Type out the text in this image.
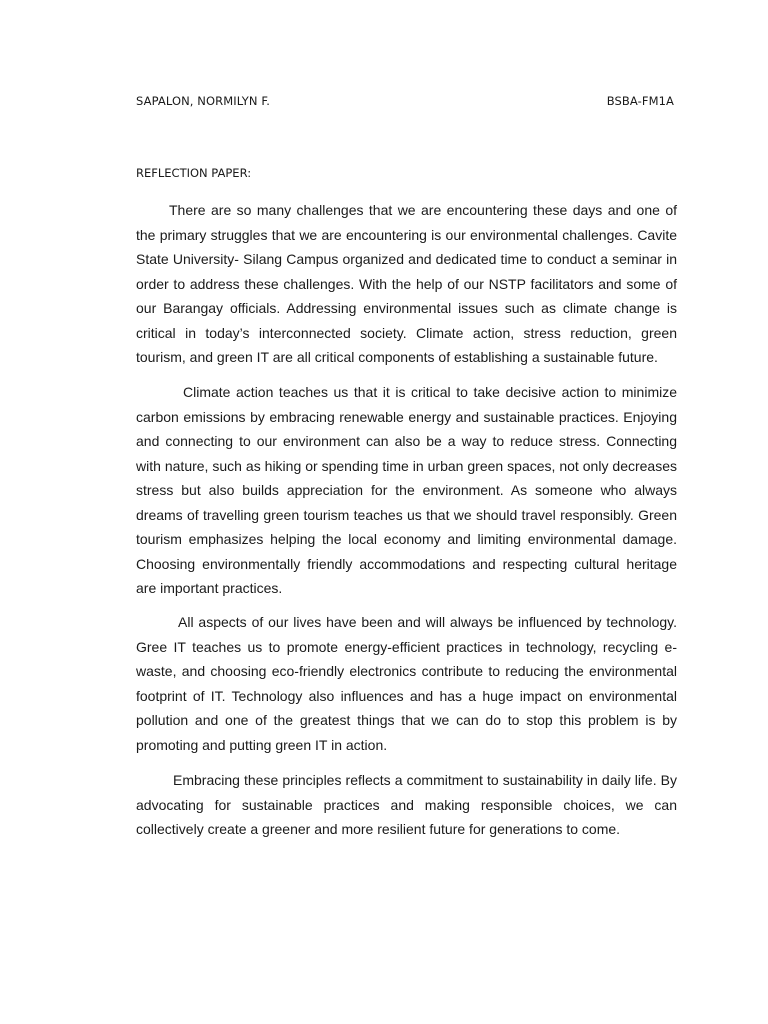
SAPALON, NORMILYN F.	BSBA-FM1A
REFLECTION PAPER:

There are so many challenges that we are encountering these days and one of the primary struggles that we are encountering is our environmental challenges. Cavite State University- Silang Campus organized and dedicated time to conduct a seminar in order to address these challenges. With the help of our NSTP facilitators and some of our Barangay officials. Addressing environmental issues such as climate change is critical in today’s interconnected society. Climate action, stress reduction, green tourism, and green IT are all critical components of establishing a sustainable future.

Climate action teaches us that it is critical to take decisive action to minimize carbon emissions by embracing renewable energy and sustainable practices. Enjoying and connecting to our environment can also be a way to reduce stress. Connecting with nature, such as hiking or spending time in urban green spaces, not only decreases stress but also builds appreciation for the environment. As someone who always dreams of travelling green tourism teaches us that we should travel responsibly. Green tourism emphasizes helping the local economy and limiting environmental damage. Choosing environmentally friendly accommodations and respecting cultural heritage are important practices.

All aspects of our lives have been and will always be influenced by technology. Gree IT teaches us to promote energy-efficient practices in technology, recycling e-waste, and choosing eco-friendly electronics contribute to reducing the environmental footprint of IT. Technology also influences and has a huge impact on environmental pollution and one of the greatest things that we can do to stop this problem is by promoting and putting green IT in action.

Embracing these principles reflects a commitment to sustainability in daily life. By advocating for sustainable practices and making responsible choices, we can collectively create a greener and more resilient future for generations to come.
